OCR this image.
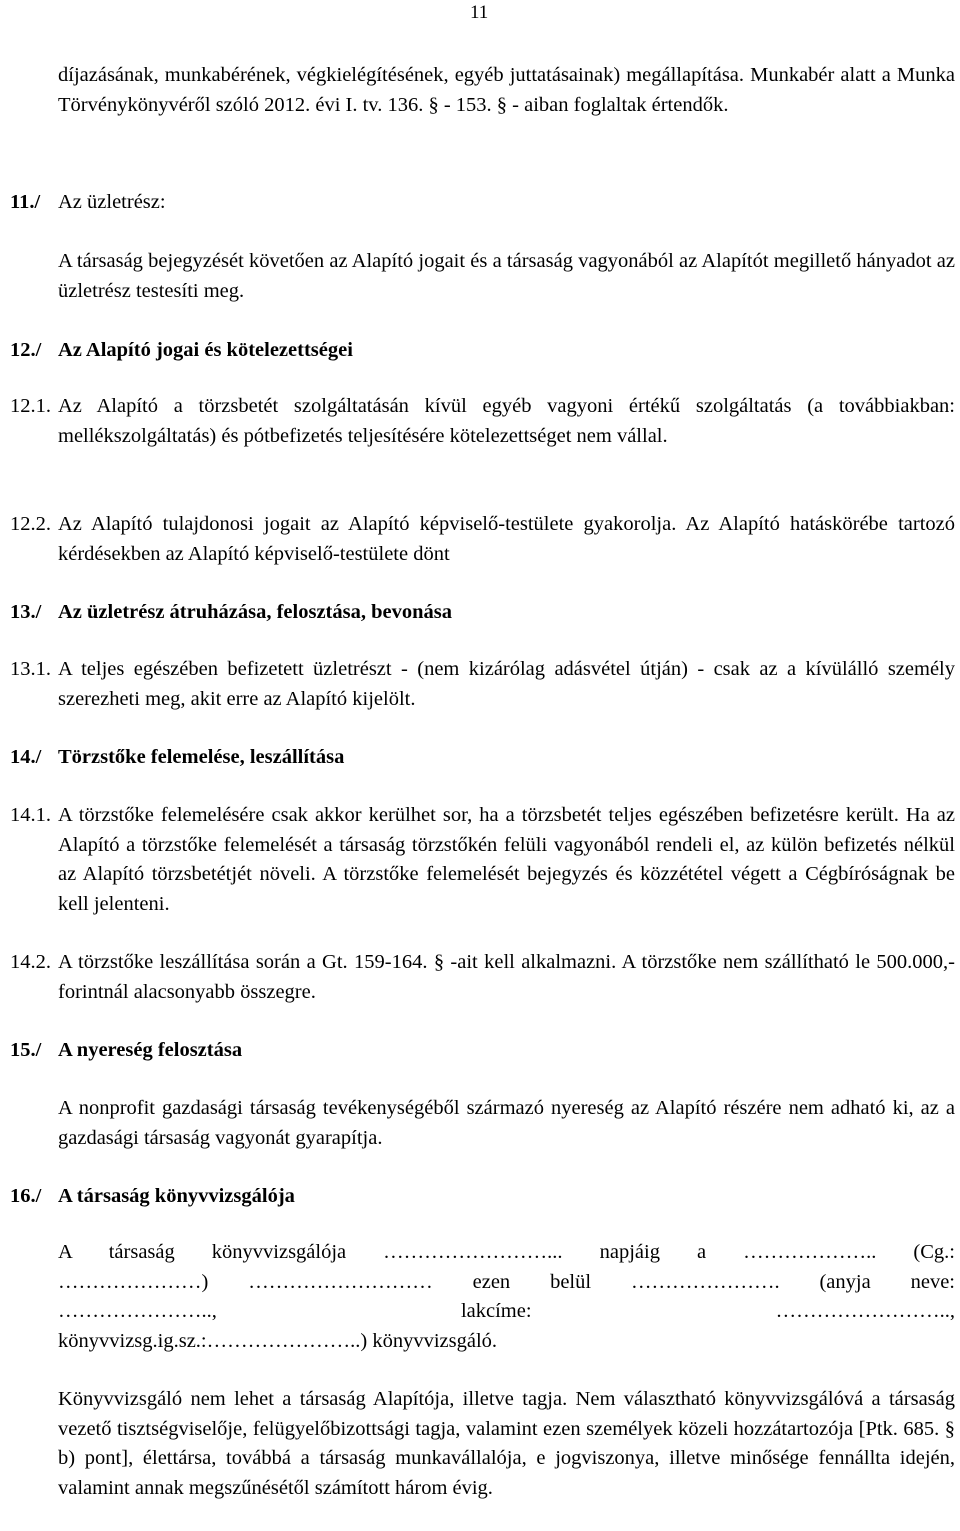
11

díjazásának, munkabérének, végkielégítésének, egyéb juttatásainak) megállapítása. Munkabér alatt a Munka Törvénykönyvéről szóló 2012. évi I. tv. 136. § - 153. § - aiban foglaltak értendők.

11./ Az üzletrész:

A társaság bejegyzését követően az Alapító jogait és a társaság vagyonából az Alapítót megillető hányadot az üzletrész testesíti meg.

12./ Az Alapító jogai és kötelezettségei

12.1. Az Alapító a törzsbetét szolgáltatásán kívül egyéb vagyoni értékű szolgáltatás (a továbbiakban: mellékszolgáltatás) és pótbefizetés teljesítésére kötelezettséget nem vállal.
12.2. Az Alapító tulajdonosi jogait az Alapító képviselő-testülete gyakorolja. Az Alapító hatáskörébe tartozó kérdésekben az Alapító képviselő-testülete dönt

13./ Az üzletrész átruházása, felosztása, bevonása

13.1. A teljes egészében befizetett üzletrészt - (nem kizárólag adásvétel útján) - csak az a kívülálló személy szerezheti meg, akit erre az Alapító kijelölt.

14./ Törzstőke felemelése, leszállítása

14.1. A törzstőke felemelésére csak akkor kerülhet sor, ha a törzsbetét teljes egészében befizetésre került. Ha az Alapító a törzstőke felemelését a társaság törzstőkén felüli vagyonából rendeli el, az külön befizetés nélkül az Alapító törzsbetétjét növeli. A törzstőke felemelését bejegyzés és közzététel végett a Cégbíróságnak be kell jelenteni.
14.2. A törzstőke leszállítása során a Gt. 159-164. § -ait kell alkalmazni. A törzstőke nem szállítható le 500.000,- forintnál alacsonyabb összegre.

15./ A nyereség felosztása

A nonprofit gazdasági társaság tevékenységéből származó nyereség az Alapító részére nem adható ki, az a gazdasági társaság vagyonát gyarapítja.

16./ A társaság könyvvizsgálója

A társaság könyvvizsgálója ……………………... napjáig a ……………….. (Cg.:
…………………) ……………………… ezen belül …………………. (anyja neve:
…………………..,	lakcíme:	……………………..,
könyvvizsg.ig.sz.:…………………..) könyvvizsgáló.

Könyvvizsgáló nem lehet a társaság Alapítója, illetve tagja. Nem választható könyvvizsgálóvá a társaság vezető tisztségviselője, felügyelőbizottsági tagja, valamint ezen személyek közeli hozzátartozója [Ptk. 685. § b) pont], élettársa, továbbá a társaság munkavállalója, e jogviszonya, illetve minősége fennállta idején, valamint annak megszűnésétől számított három évig.
